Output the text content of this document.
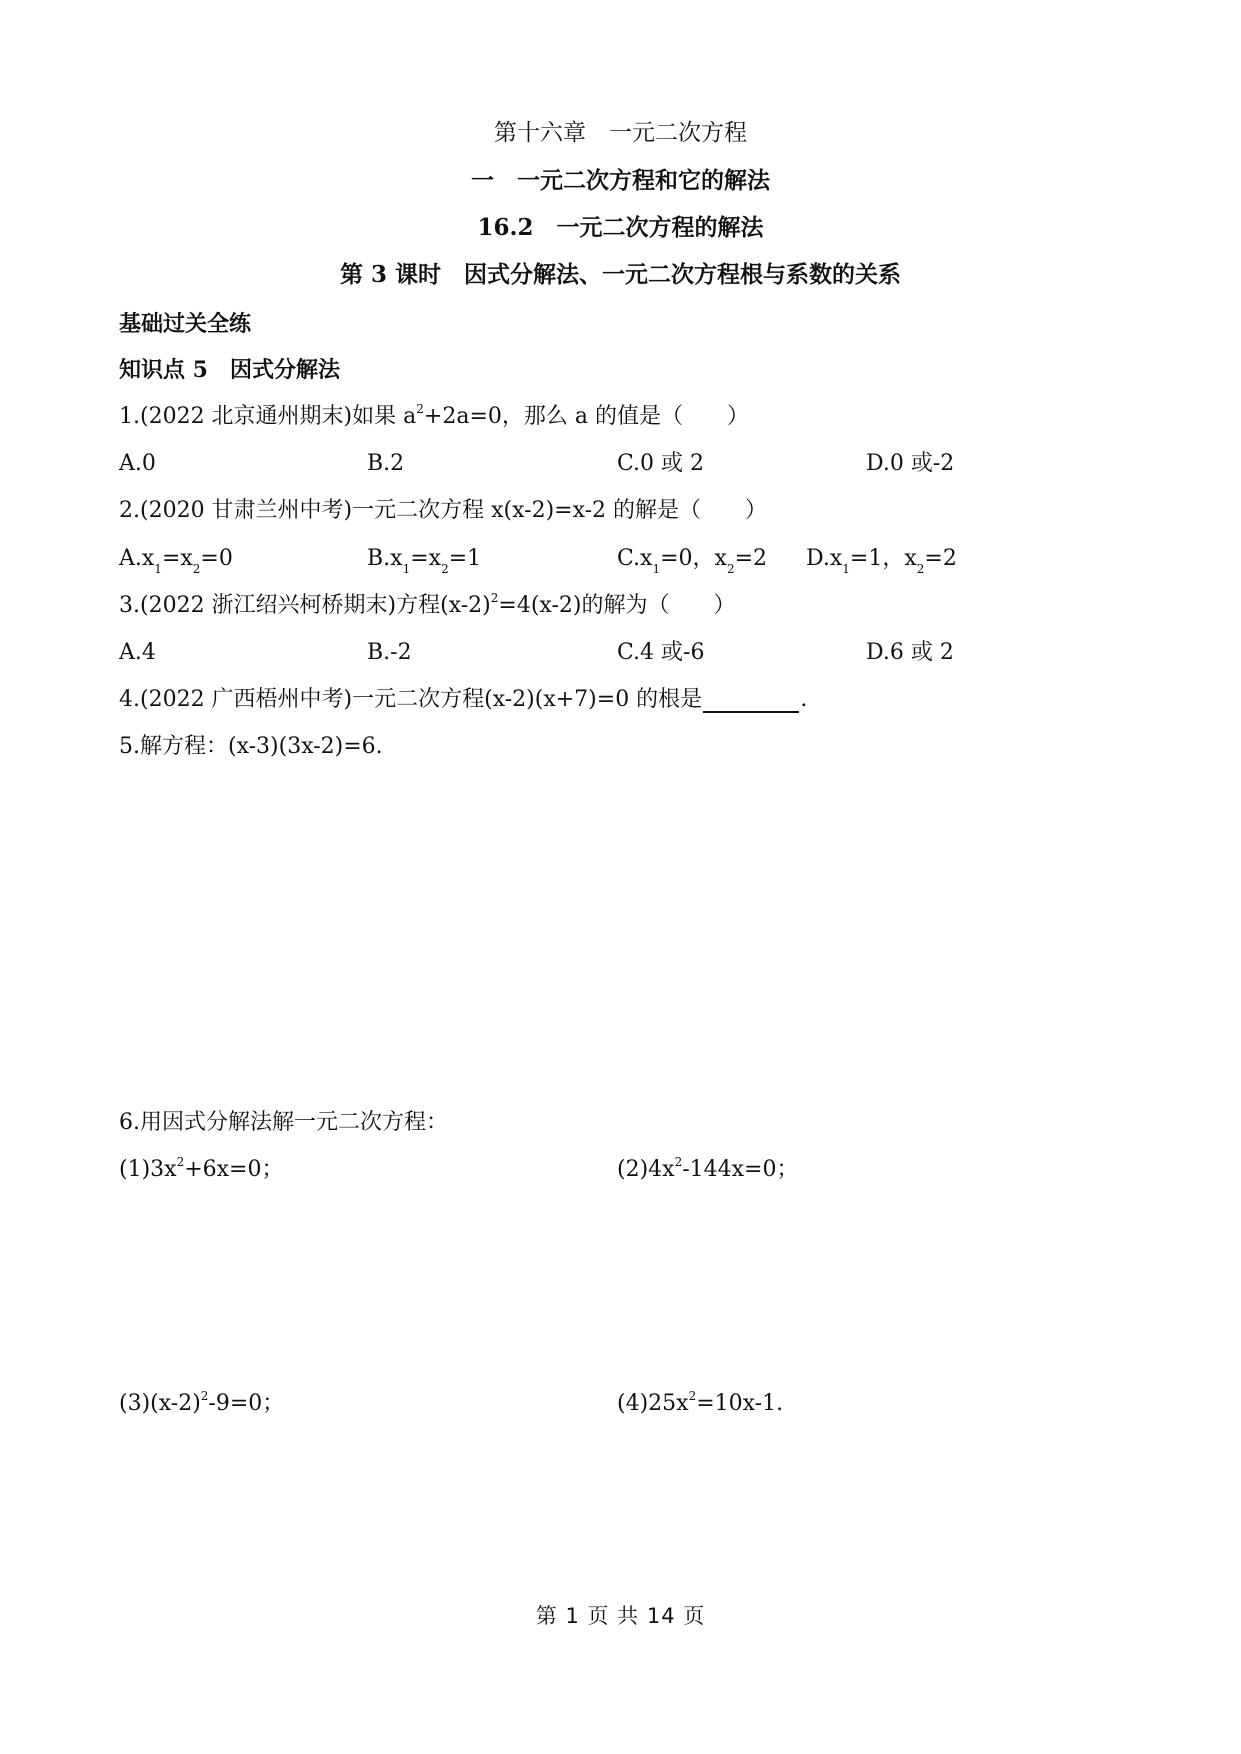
第十六章　一元二次方程
一　一元二次方程和它的解法
16.2　一元二次方程的解法
第 3 课时　因式分解法、一元二次方程根与系数的关系
基础过关全练
知识点 5　因式分解法
1.(2022 北京通州期末)如果 $a^2+2a=0$，那么 a 的值是（　　）
A.0	B.2	C.0 或 2	D.0 或-2
2.(2020 甘肃兰州中考)一元二次方程 x(x-2)=x-2 的解是（　　）
$A.x_1=x_2=0$	$B.x_1=x_2=1$	$C.x_1=0$，$x_2=2$ $D.x_1=1$，$x_2=2$
3.(2022 浙江绍兴柯桥期末)方程$(x-2)^2=4(x-2)$的解为（　　）
A.4	B.-2	C.4 或-6	D.6 或 2
4.(2022 广西梧州中考)一元二次方程(x-2)(x+7)=0 的根是	.
5.解方程：(x-3)(3x-2)=6.
6.用因式分解法解一元二次方程：
$(1)3x^2+6x=0$；	$(2)4x^2-144x=0$；
$(3)(x-2)^2-9=0$；	$(4)25x^2=10x-1$.
第 1 页 共 14 页
